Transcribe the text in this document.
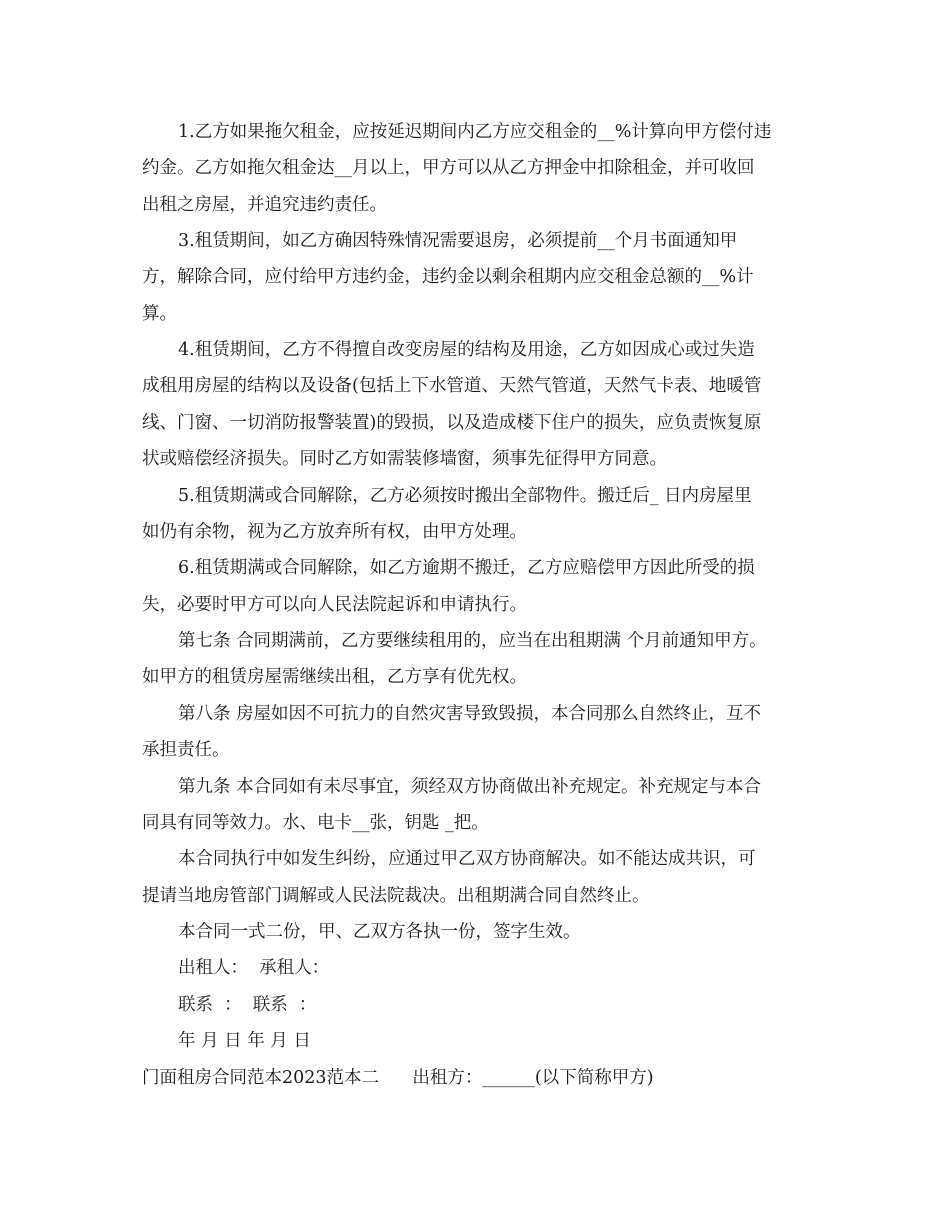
1.乙方如果拖欠租金，应按延迟期间内乙方应交租金的__%计算向甲方偿付违
约金。乙方如拖欠租金达__月以上，甲方可以从乙方押金中扣除租金，并可收回
出租之房屋，并追究违约责任。
3.租赁期间，如乙方确因特殊情况需要退房，必须提前__个月书面通知甲
方，解除合同，应付给甲方违约金，违约金以剩余租期内应交租金总额的__%计
算。
4.租赁期间，乙方不得擅自改变房屋的结构及用途，乙方如因成心或过失造
成租用房屋的结构以及设备(包括上下水管道、天然气管道，天然气卡表、地暖管
线、门窗、一切消防报警装置)的毁损，以及造成楼下住户的损失，应负责恢复原
状或赔偿经济损失。同时乙方如需装修墙窗，须事先征得甲方同意。
5.租赁期满或合同解除，乙方必须按时搬出全部物件。搬迁后_ 日内房屋里
如仍有余物，视为乙方放弃所有权，由甲方处理。
6.租赁期满或合同解除，如乙方逾期不搬迁，乙方应赔偿甲方因此所受的损
失，必要时甲方可以向人民法院起诉和申请执行。
第七条 合同期满前，乙方要继续租用的，应当在出租期满 个月前通知甲方。
如甲方的租赁房屋需继续出租，乙方享有优先权。
第八条 房屋如因不可抗力的自然灾害导致毁损，本合同那么自然终止，互不
承担责任。
第九条 本合同如有未尽事宜，须经双方协商做出补充规定。补充规定与本合
同具有同等效力。水、电卡__张，钥匙 _把。
本合同执行中如发生纠纷，应通过甲乙双方协商解决。如不能达成共识，可
提请当地房管部门调解或人民法院裁决。出租期满合同自然终止。
本合同一式二份，甲、乙双方各执一份，签字生效。
出租人：  承租人：
联系  ：  联系  ：
年 月 日 年 月 日
门面租房合同范本2023范本二      出租方：______(以下简称甲方)
